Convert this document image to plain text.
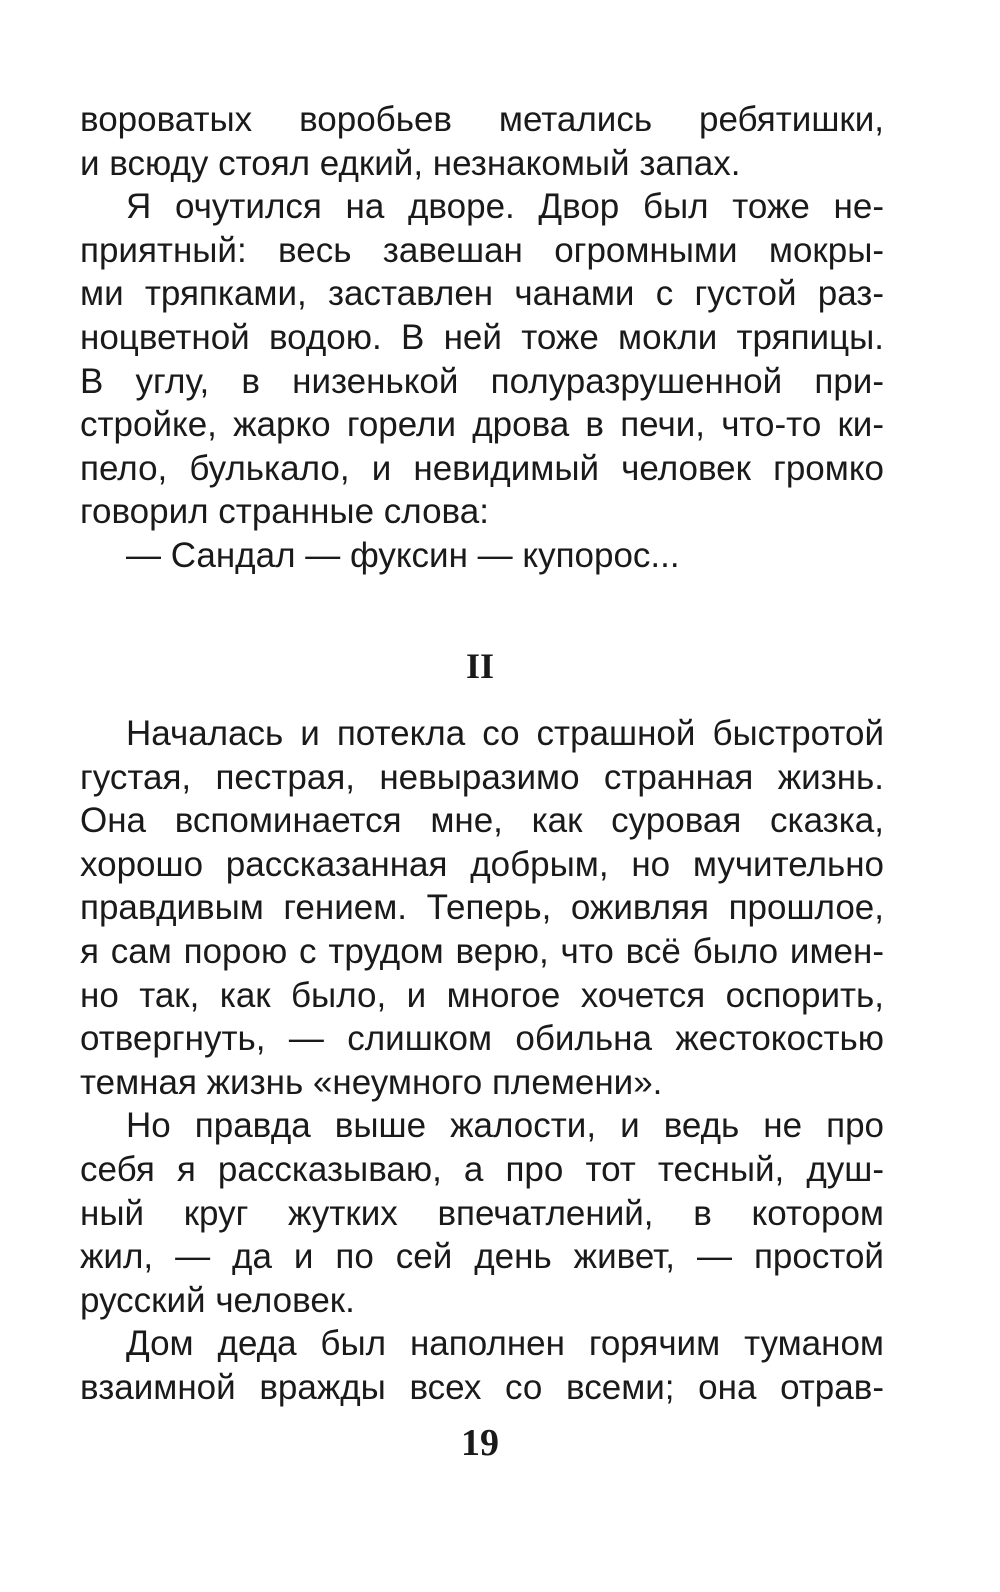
вороватых воробьев метались ребятишки,
и всюду стоял едкий, незнакомый запах.
Я очутился на дворе. Двор был тоже не-
приятный: весь завешан огромными мокры-
ми тряпками, заставлен чанами с густой раз-
ноцветной водою. В ней тоже мокли тряпицы.
В углу, в низенькой полуразрушенной при-
стройке, жарко горели дрова в печи, что-то ки-
пело, булькало, и невидимый человек громко
говорил странные слова:
— Сандал — фуксин — купорос...
II
Началась и потекла со страшной быстротой
густая, пестрая, невыразимо странная жизнь.
Она вспоминается мне, как суровая сказка,
хорошо рассказанная добрым, но мучительно
правдивым гением. Теперь, оживляя прошлое,
я сам порою с трудом верю, что всё было имен-
но так, как было, и многое хочется оспорить,
отвергнуть, — слишком обильна жестокостью
темная жизнь «неумного племени».
Но правда выше жалости, и ведь не про
себя я рассказываю, а про тот тесный, душ-
ный круг жутких впечатлений, в котором
жил, — да и по сей день живет, — простой
русский человек.
Дом деда был наполнен горячим туманом
взаимной вражды всех со всеми; она отрав-
19
